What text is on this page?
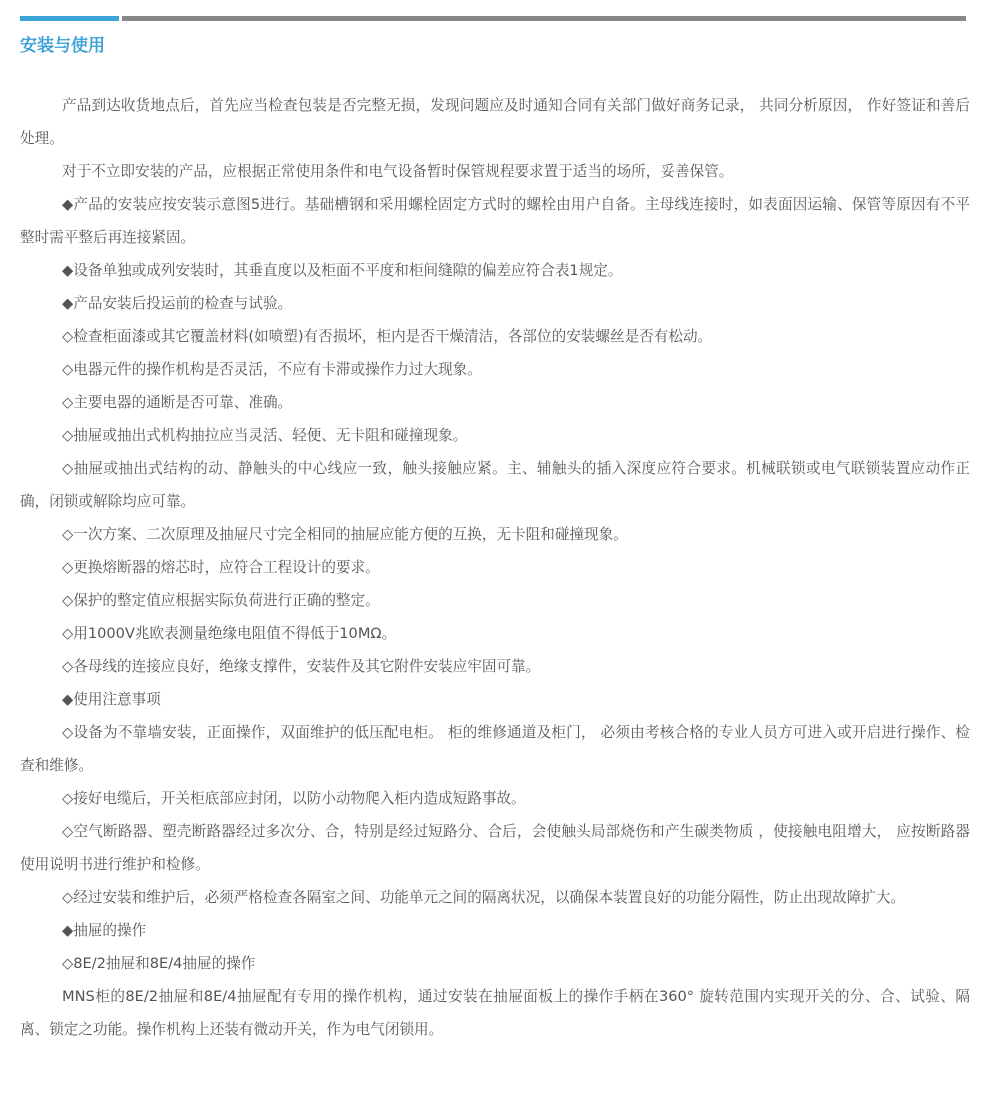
安装与使用

产品到达收货地点后，首先应当检查包装是否完整无损，发现问题应及时通知合同有关部门做好商务记录， 共同分析原因， 作好签证和善后处理。

对于不立即安装的产品，应根据正常使用条件和电气设备暂时保管规程要求置于适当的场所，妥善保管。

◆产品的安装应按安装示意图5进行。基础槽钢和采用螺栓固定方式时的螺栓由用户自备。主母线连接时，如表面因运输、保管等原因有不平整时需平整后再连接紧固。

◆设备单独或成列安装时，其垂直度以及柜面不平度和柜间缝隙的偏差应符合表1规定。

◆产品安装后投运前的检查与试验。

◇检查柜面漆或其它覆盖材料(如喷塑)有否损坏，柜内是否干燥清洁，各部位的安装螺丝是否有松动。

◇电器元件的操作机构是否灵活，不应有卡滞或操作力过大现象。

◇主要电器的通断是否可靠、准确。

◇抽屉或抽出式机构抽拉应当灵活、轻便、无卡阻和碰撞现象。

◇抽屉或抽出式结构的动、静触头的中心线应一致，触头接触应紧。主、辅触头的插入深度应符合要求。机械联锁或电气联锁装置应动作正确，闭锁或解除均应可靠。

◇一次方案、二次原理及抽屉尺寸完全相同的抽屉应能方便的互换，无卡阻和碰撞现象。

◇更换熔断器的熔芯时，应符合工程设计的要求。

◇保护的整定值应根据实际负荷进行正确的整定。

◇用1000V兆欧表测量绝缘电阻值不得低于10MΩ。

◇各母线的连接应良好，绝缘支撑件，安装件及其它附件安装应牢固可靠。

◆使用注意事项

◇设备为不靠墙安装，正面操作，双面维护的低压配电柜。 柜的维修通道及柜门， 必须由考核合格的专业人员方可进入或开启进行操作、检查和维修。

◇接好电缆后，开关柜底部应封闭，以防小动物爬入柜内造成短路事故。

◇空气断路器、塑壳断路器经过多次分、合，特别是经过短路分、合后，会使触头局部烧伤和产生碳类物质 ，使接触电阻增大， 应按断路器使用说明书进行维护和检修。

◇经过安装和维护后，必须严格检查各隔室之间、功能单元之间的隔离状况，以确保本装置良好的功能分隔性，防止出现故障扩大。

◆抽屉的操作

◇8E/2抽屉和8E/4抽屉的操作

MNS柜的8E/2抽屉和8E/4抽屉配有专用的操作机构，通过安装在抽屉面板上的操作手柄在360° 旋转范围内实现开关的分、合、试验、隔离、锁定之功能。操作机构上还装有微动开关，作为电气闭锁用。
